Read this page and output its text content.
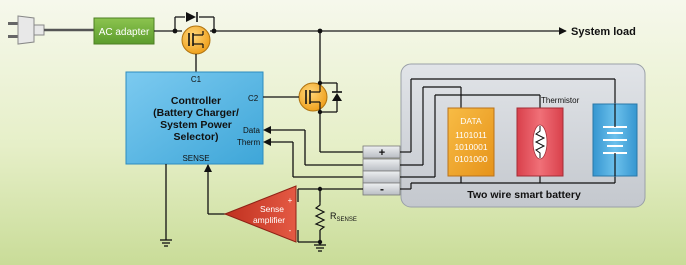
AC adapter	System load
C1
Controller
(Battery Charger/
System Power
Selector)
C2
Data
Therm
SENSE	+
-
DATA
1101011
1010001
0101000
Thermistor
Two wire smart battery
$R_{SENSE}$
Sense
amplifier
+
-
